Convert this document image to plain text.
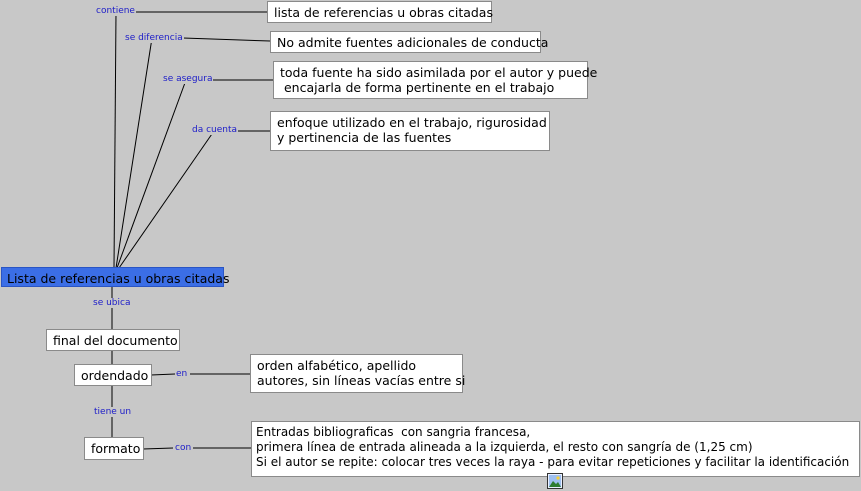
contiene
se diferencia
se asegura
da cuenta
se ubica
en
tiene un
con
Lista de referencias u obras citadas
lista de referencias u obras citadas
No admite fuentes adicionales de conducta
toda fuente ha sido asimilada por el autor y puede
encajarla de forma pertinente en el trabajo
enfoque utilizado en el trabajo, rigurosidad
y pertinencia de las fuentes
final del documento
ordendado
orden alfabético, apellido
autores, sin líneas vacías entre si
formato
Entradas bibliograficas  con sangria francesa,
primera línea de entrada alineada a la izquierda, el resto con sangría de (1,25 cm)
Si el autor se repite: colocar tres veces la raya - para evitar repeticiones y facilitar la identificación
